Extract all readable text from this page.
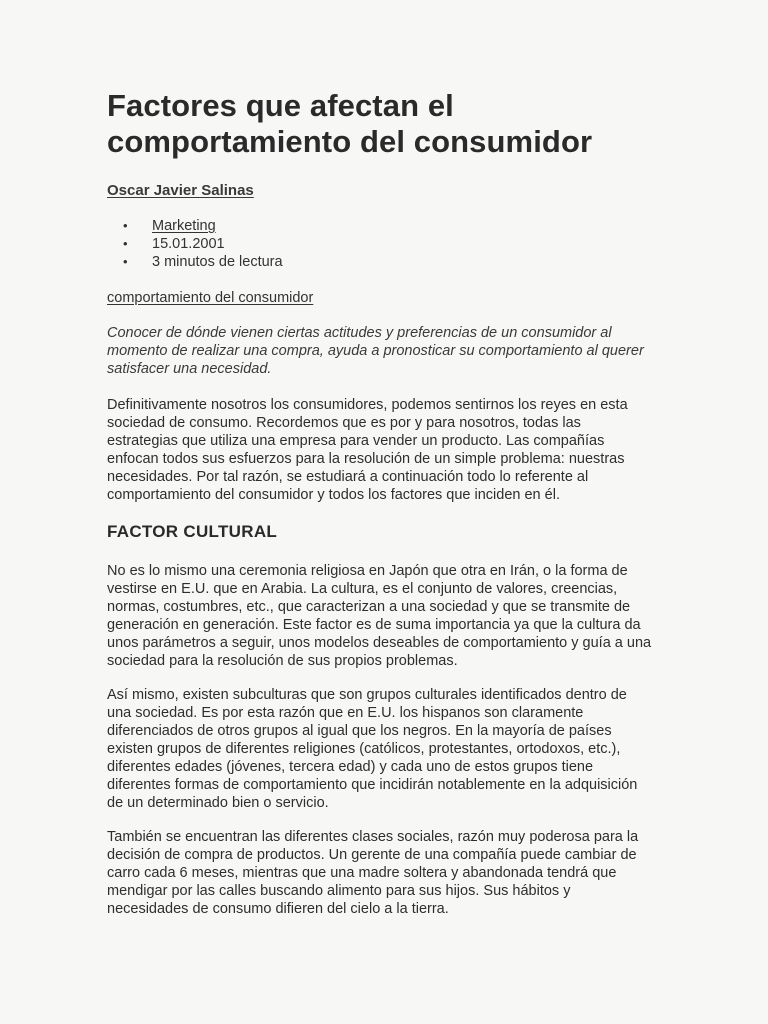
Factores que afectan el comportamiento del consumidor
Oscar Javier Salinas
• Marketing
• 15.01.2001
• 3 minutos de lectura
comportamiento del consumidor

Conocer de dónde vienen ciertas actitudes y preferencias de un consumidor al momento de realizar una compra, ayuda a pronosticar su comportamiento al querer satisfacer una necesidad.

Definitivamente nosotros los consumidores, podemos sentirnos los reyes en esta sociedad de consumo. Recordemos que es por y para nosotros, todas las estrategias que utiliza una empresa para vender un producto. Las compañías enfocan todos sus esfuerzos para la resolución de un simple problema: nuestras necesidades. Por tal razón, se estudiará a continuación todo lo referente al comportamiento del consumidor y todos los factores que inciden en él.

FACTOR CULTURAL

No es lo mismo una ceremonia religiosa en Japón que otra en Irán, o la forma de vestirse en E.U. que en Arabia. La cultura, es el conjunto de valores, creencias, normas, costumbres, etc., que caracterizan a una sociedad y que se transmite de generación en generación. Este factor es de suma importancia ya que la cultura da unos parámetros a seguir, unos modelos deseables de comportamiento y guía a una sociedad para la resolución de sus propios problemas.

Así mismo, existen subculturas que son grupos culturales identificados dentro de una sociedad. Es por esta razón que en E.U. los hispanos son claramente diferenciados de otros grupos al igual que los negros. En la mayoría de países existen grupos de diferentes religiones (católicos, protestantes, ortodoxos, etc.), diferentes edades (jóvenes, tercera edad) y cada uno de estos grupos tiene diferentes formas de comportamiento que incidirán notablemente en la adquisición de un determinado bien o servicio.

También se encuentran las diferentes clases sociales, razón muy poderosa para la decisión de compra de productos. Un gerente de una compañía puede cambiar de carro cada 6 meses, mientras que una madre soltera y abandonada tendrá que mendigar por las calles buscando alimento para sus hijos. Sus hábitos y necesidades de consumo difieren del cielo a la tierra.
